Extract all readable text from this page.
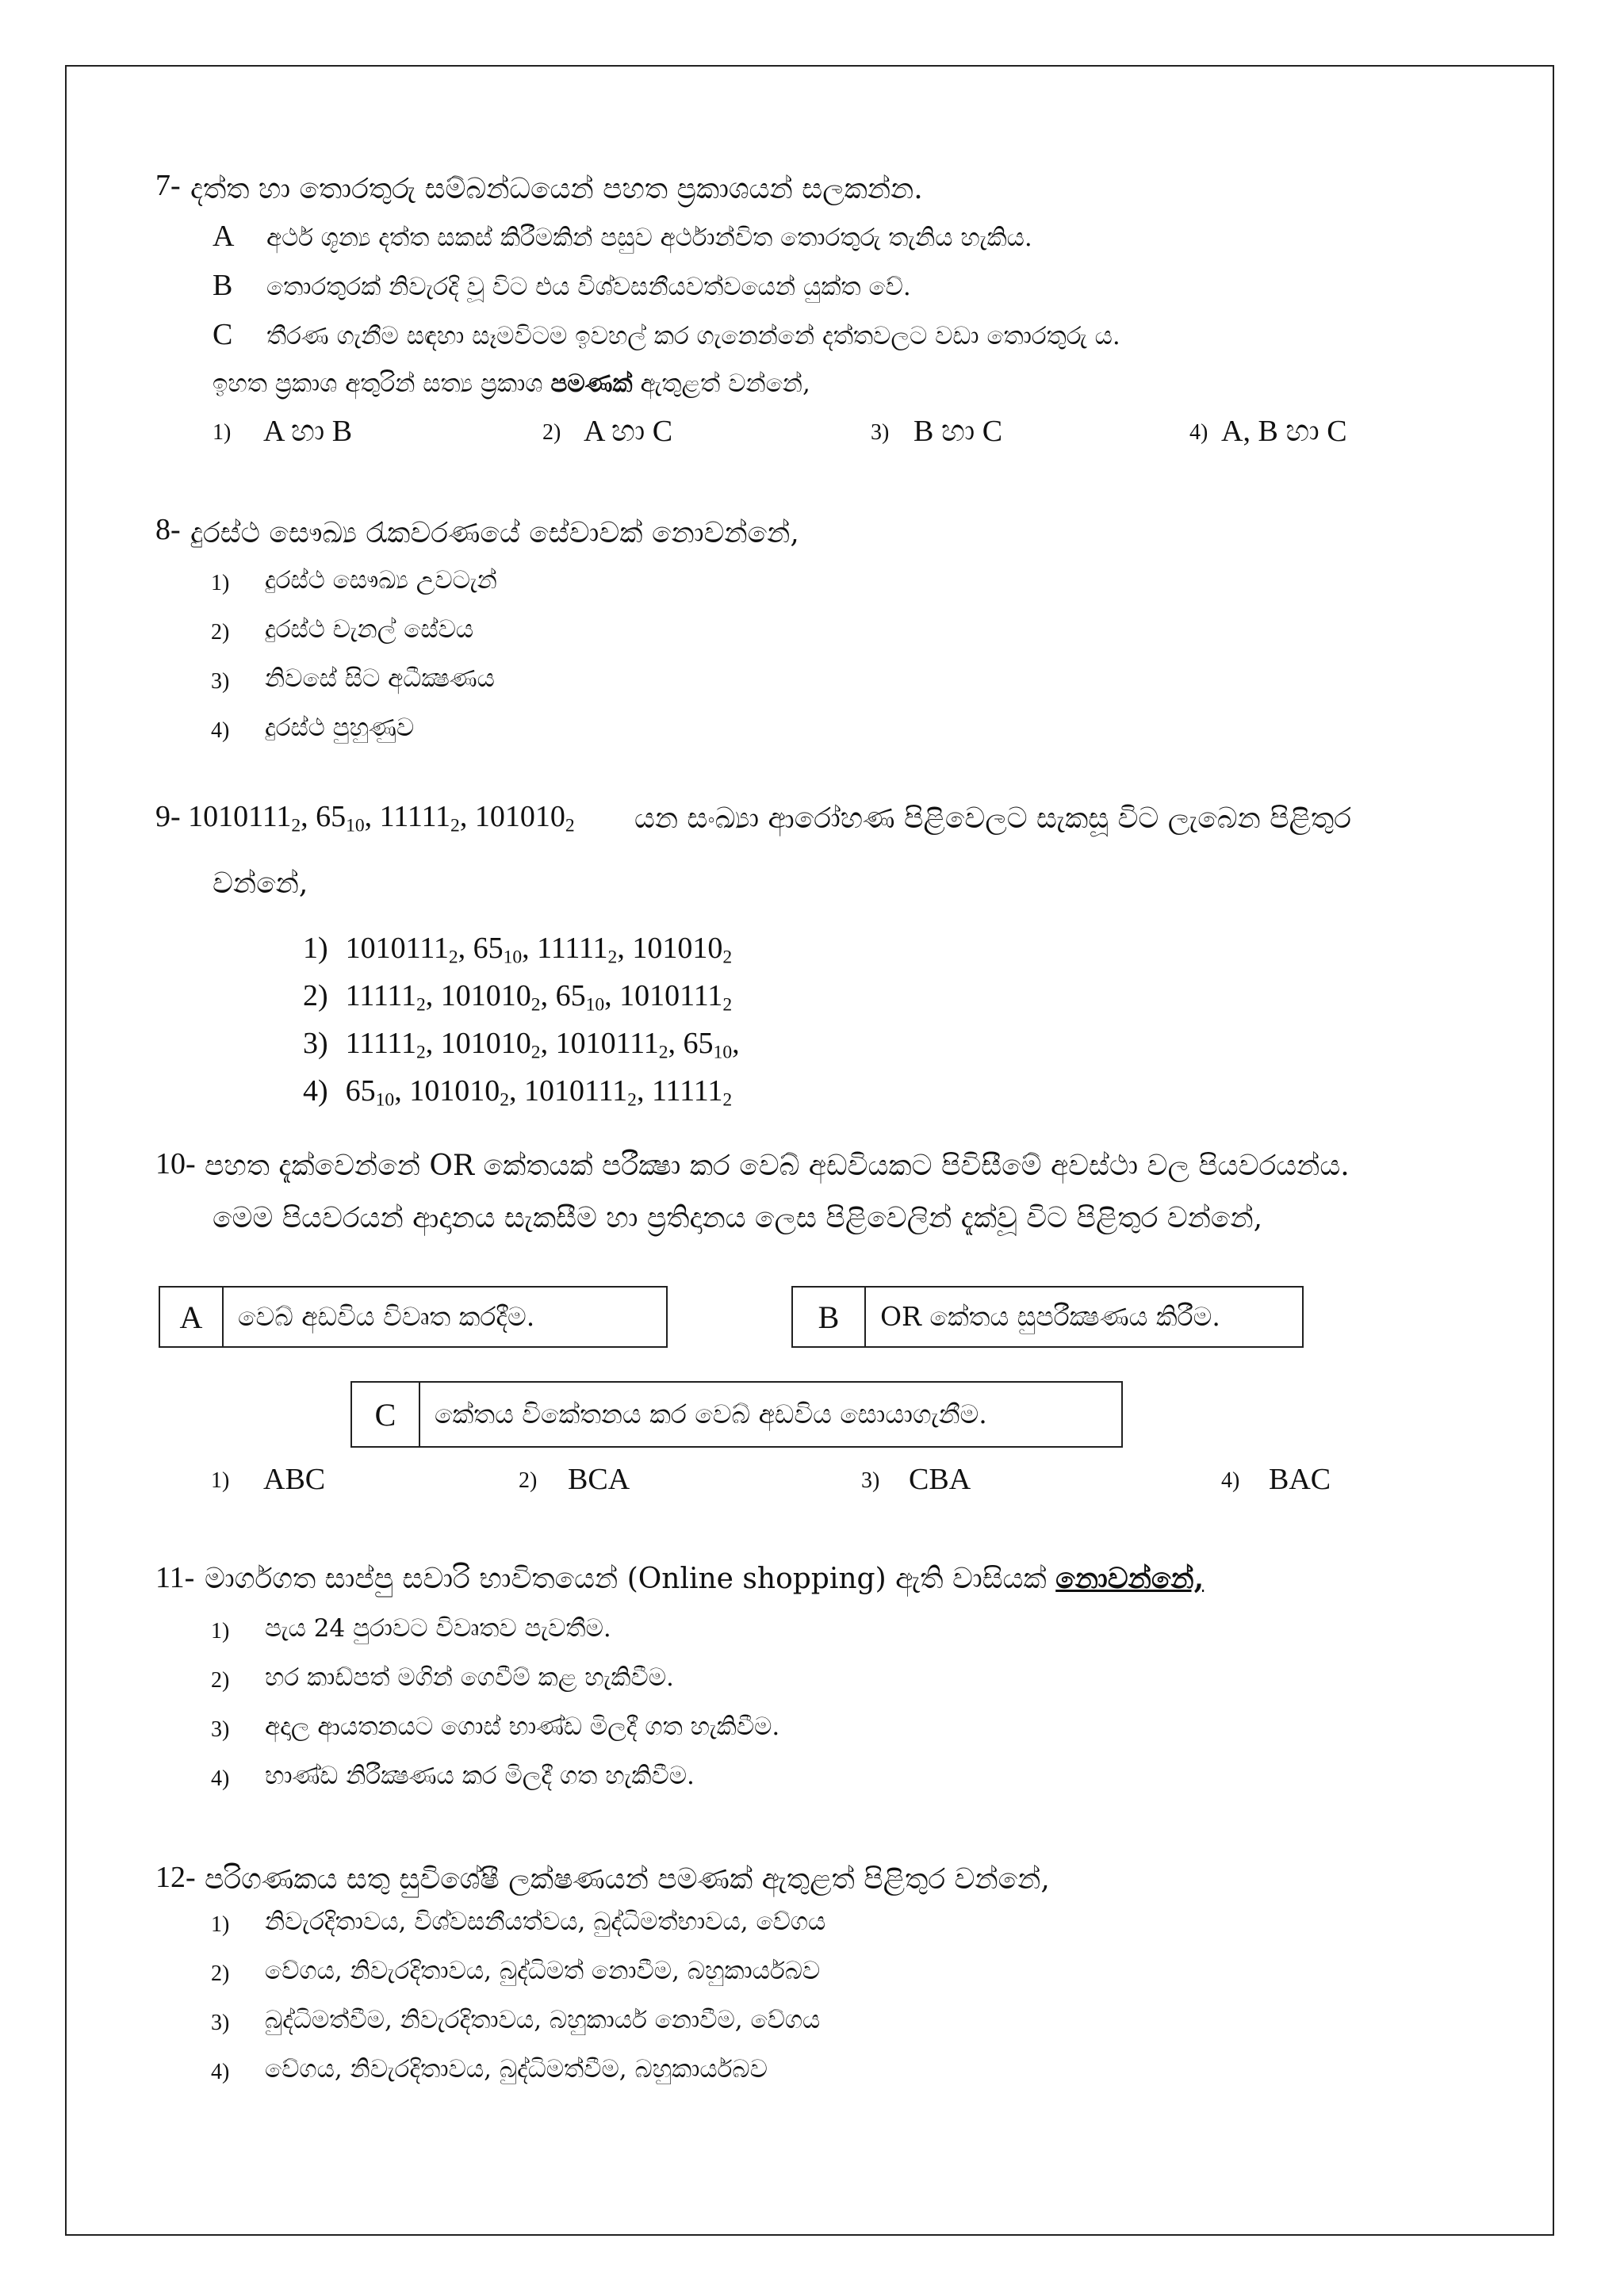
7- දත්ත හා තොරතුරු සම්බන්ධයෙන් පහත ප්‍රකාශයන් සලකන්න.
A අර්ථ ශූන්‍ය දත්ත සකස් කිරීමකින් පසුව අර්ථාන්විත තොරතුරු තැනිය හැකිය.
B තොරතුරක් නිවැරදි වූ විට එය විශ්වසනීයවත්වයෙන් යුක්ත වේ.
C තීරණ ගැනීම සඳහා සෑමවිටම ඉවහල් කර ගැනෙන්නේ දත්තවලට වඩා තොරතුරු ය.
ඉහත ප්‍රකාශ අතුරින් සත්‍ය ප්‍රකාශ පමණක් ඇතුළත් වන්නේ,
1) A හා B	2) A හා C	3) B හා C	4) A, B හා C
8- දුරස්ථ සෞඛ්‍ය රැකවරණයේ සේවාවක් නොවන්නේ,
1) දුරස්ථ සෞඛ්‍ය උවටැන්
2) දුරස්ථ චැනල් සේවය
3) නිවසේ සිට අධීක්‍ෂණය
4) දුරස්ථ පුහුණුව
9- $1010111_2$, $65_{10}$, $11111_2$, $101010_2$ යන සංඛ්‍යා ආරෝහණ පිළිවෙලට සැකසූ විට ලැබෙන පිළිතුර
වන්නේ,
1) $1010111_2$, $65_{10}$, $11111_2$, $101010_2$
2) $11111_2$, $101010_2$, $65_{10}$, $1010111_2$
3) $11111_2$, $101010_2$, $1010111_2$, $65_{10}$,
4) $65_{10}$, $101010_2$, $1010111_2$, $11111_2$
10- පහත දැක්වෙන්නේ OR කේතයක් පරීක්‍ෂා කර වෙබ් අඩවියකට පිවිසීමේ අවස්ථා වල පියවරයන්ය.
මෙම පියවරයන් ආදානය සැකසීම හා ප්‍රතිදානය ලෙස පිළිවෙලින් දැක්වූ විට පිළිතුර වන්නේ,
A	වෙබ් අඩවිය විවෘත කරදීම.	B	OR කේතය සුපරීක්‍ෂණය කිරීම.
C	කේතය විකේතනය කර වෙබ් අඩවිය සොයාගැනීම.
1) ABC	2) BCA	3) CBA	4) BAC
11- මාර්ගගත සාප්පු සවාරි භාවිතයෙන් (Online shopping) ඇති වාසියක් නොවන්නේ,
1) පැය 24 පුරාවට විවෘතව පැවතීම.
2) හර කාඩ්පත් මගින් ගෙවීම් කළ හැකිවීම.
3) අදාල ආයතනයට ගොස් භාණ්ඩ මිලදී ගත හැකිවීම.
4) භාණ්ඩ නිරීක්‍ෂණය කර මිලදී ගත හැකිවීම.
12- පරිගණකය සතු සුවිශේෂී ලක්ෂණයන් පමණක් ඇතුළත් පිළිතුර වන්නේ,
1) නිවැරදිතාවය, විශ්වසනීයත්වය, බුද්ධිමත්භාවය, වේගය
2) වේගය, නිවැරදිතාවය, බුද්ධිමත් නොවීම, බහුකාර්යබව
3) බුද්ධිමත්වීම, නිවැරදිතාවය, බහුකාර්ය නොවීම, වේගය
4) වේගය, නිවැරදිතාවය, බුද්ධිමත්වීම, බහුකාර්යබව
